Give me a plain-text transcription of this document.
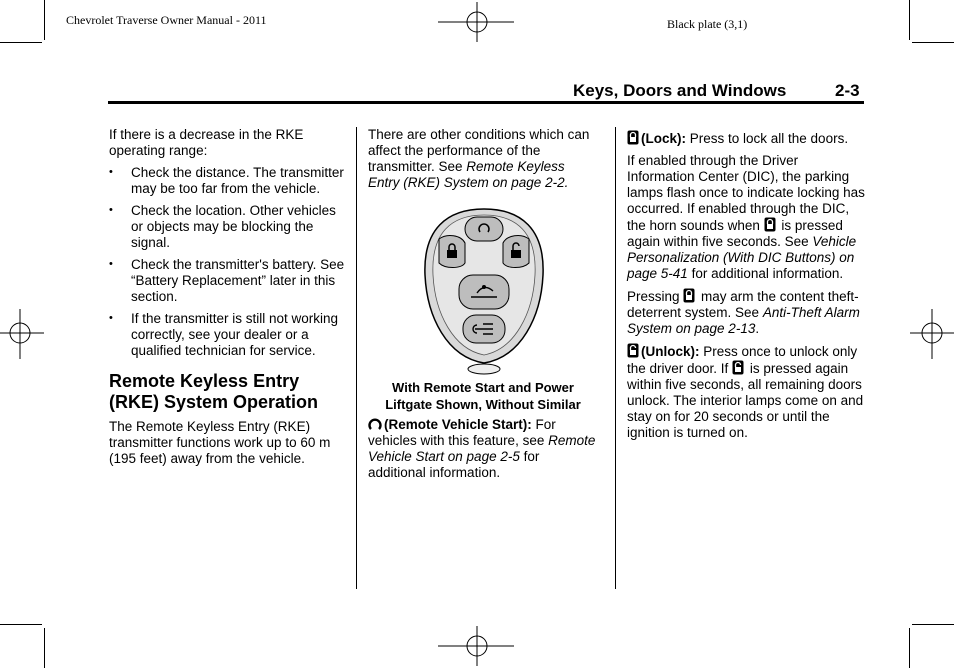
Chevrolet Traverse Owner Manual - 2011	Black plate (3,1)
Keys, Doors and Windows	2-3

If there is a decrease in the RKE operating range:

• Check the distance. The transmitter may be too far from the vehicle.
• Check the location. Other vehicles or objects may be blocking the signal.
• Check the transmitter's battery. See “Battery Replacement” later in this section.
• If the transmitter is still not working correctly, see your dealer or a qualified technician for service.
Remote Keyless Entry (RKE) System Operation

The Remote Keyless Entry (RKE) transmitter functions work up to 60 m (195 feet) away from the vehicle.

There are other conditions which can affect the performance of the transmitter. See Remote Keyless Entry (RKE) System on page 2-2.

With Remote Start and Power Liftgate Shown, Without Similar

(Remote Vehicle Start): For vehicles with this feature, see Remote Vehicle Start on page 2-5 for additional information.

(Lock): Press to lock all the doors.

If enabled through the Driver Information Center (DIC), the parking lamps flash once to indicate locking has occurred. If enabled through the DIC, the horn sounds when  is pressed again within five seconds. See Vehicle Personalization (With DIC Buttons) on page 5-41 for additional information.

Pressing  may arm the content theft-deterrent system. See Anti-Theft Alarm System on page 2-13.

(Unlock): Press once to unlock only the driver door. If  is pressed again within five seconds, all remaining doors unlock. The interior lamps come on and stay on for 20 seconds or until the ignition is turned on.
